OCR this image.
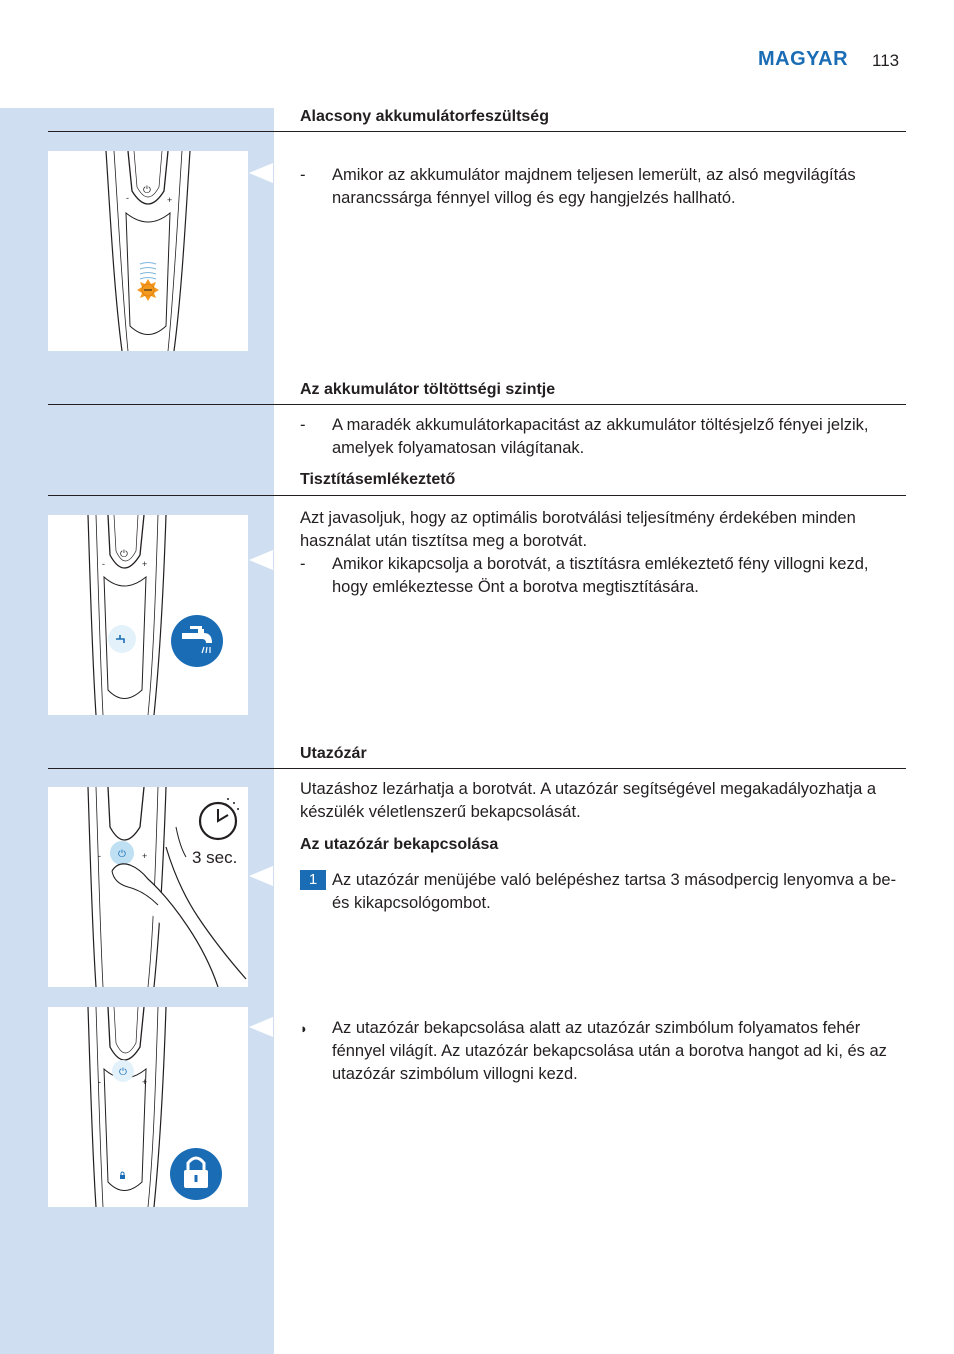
MAGYAR 113
Alacsony akkumulátorfeszültség
⏻
-	+
- Amikor az akkumulátor majdnem teljesen lemerült, az alsó megvilágítás narancssárga fénnyel villog és egy hangjelzés hallható.
Az akkumulátor töltöttségi szintje
- A maradék akkumulátorkapacitást az akkumulátor töltésjelző fényei jelzik, amelyek folyamatosan világítanak.
Tisztításemlékeztető
⏻
-	+
Azt javasoljuk, hogy az optimális borotválási teljesítmény érdekében minden használat után tisztítsa meg a borotvát.
- Amikor kikapcsolja a borotvát, a tisztításra emlékeztető fény villogni kezd, hogy emlékeztesse Önt a borotva megtisztítására.
Utazózár
⏻
-	+	3 sec.
Utazáshoz lezárhatja a borotvát. A utazózár segítségével megakadályozhatja a készülék véletlenszerű bekapcsolását.
Az utazózár bekapcsolása
1 Az utazózár menüjébe való belépéshez tartsa 3 másodpercig lenyomva a be- és kikapcsológombot.
⏻
-	+
◗ Az utazózár bekapcsolása alatt az utazózár szimbólum folyamatos fehér fénnyel világít. Az utazózár bekapcsolása után a borotva hangot ad ki, és az utazózár szimbólum villogni kezd.
